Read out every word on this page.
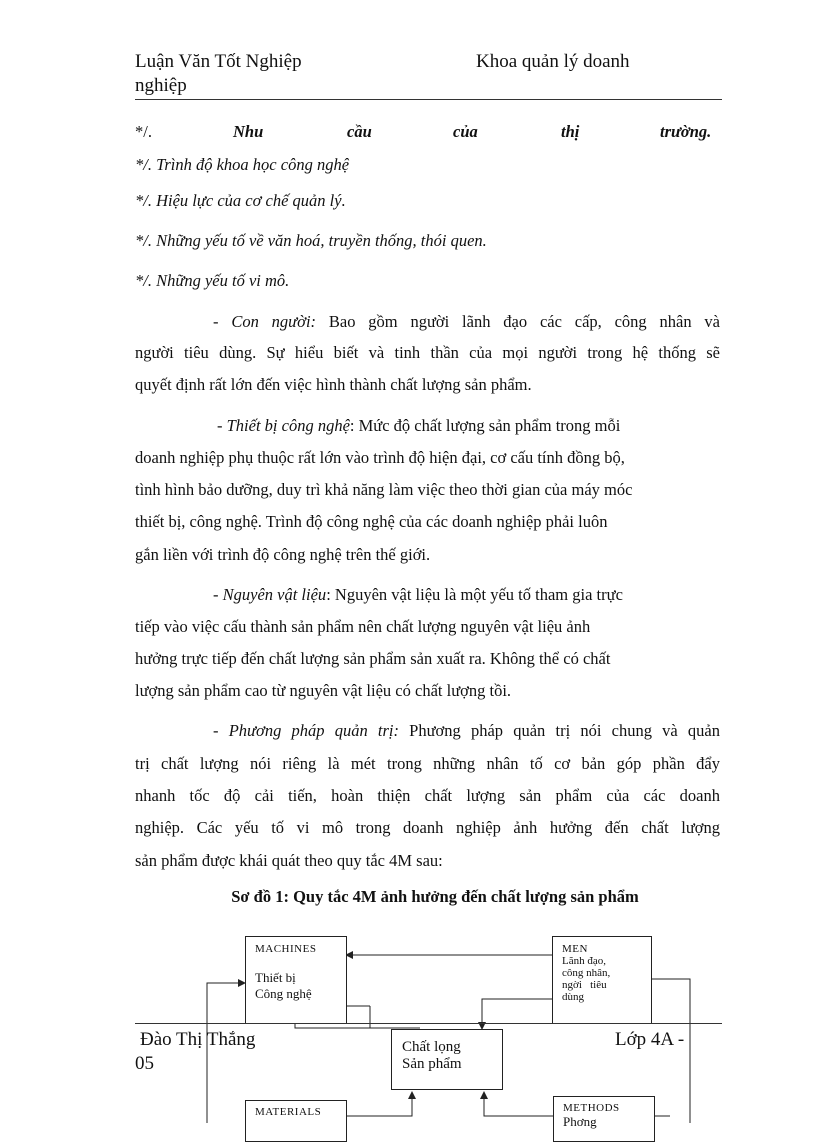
Luận Văn Tốt Nghiệp	Khoa quản lý doanh
nghiệp
*/.	Nhu	cầu	của	thị	trường.
*/. Trình độ khoa học công nghệ
*/. Hiệu lực của cơ chế quản lý.
*/. Những yếu tố về văn hoá, truyền thống, thói quen.
*/. Những yếu tố vi mô.
- Con người: Bao gồm người lãnh đạo các cấp, công nhân và
người tiêu dùng. Sự hiểu biết và tinh thần của mọi người trong hệ thống sẽ
quyết định rất lớn đến việc hình thành chất lượng sản phẩm.
- Thiết bị công nghệ: Mức độ chất lượng sản phẩm trong mỗi
doanh nghiệp phụ thuộc rất lớn vào trình độ hiện đại, cơ cấu tính đồng bộ,
tình hình bảo dưỡng, duy trì khả năng làm việc theo thời gian của máy móc
thiết bị, công nghệ. Trình độ công nghệ của các doanh nghiệp phải luôn
gắn liền với trình độ công nghệ trên thế giới.
- Nguyên vật liệu: Nguyên vật liệu là một yếu tố tham gia trực
tiếp vào việc cấu thành sản phẩm nên chất lượng nguyên vật liệu ảnh
hưởng trực tiếp đến chất lượng sản phẩm sản xuất ra. Không thể có chất
lượng sản phẩm cao từ nguyên vật liệu có chất lượng tồi.
- Phương pháp quản trị: Phương pháp quản trị nói chung và quản
trị chất lượng nói riêng là mét trong những nhân tố cơ bản góp phần đẩy
nhanh tốc độ cải tiến, hoàn thiện chất lượng sản phẩm của các doanh
nghiệp. Các yếu tố vi mô trong doanh nghiệp ảnh hưởng đến chất lượng
sản phẩm được khái quát theo quy tắc 4M sau:
Sơ đồ 1: Quy tắc 4M ảnh hưởng đến chất lượng sản phẩm
MACHINES
Thiết bị
Công nghệ
MEN
Lãnh đạo,
công nhân,
ngời   tiêu
dùng
Chất lọng
Sản phẩm
MATERIALS	METHODS
Phơng
Đào Thị Thắng	Lớp 4A -
05
